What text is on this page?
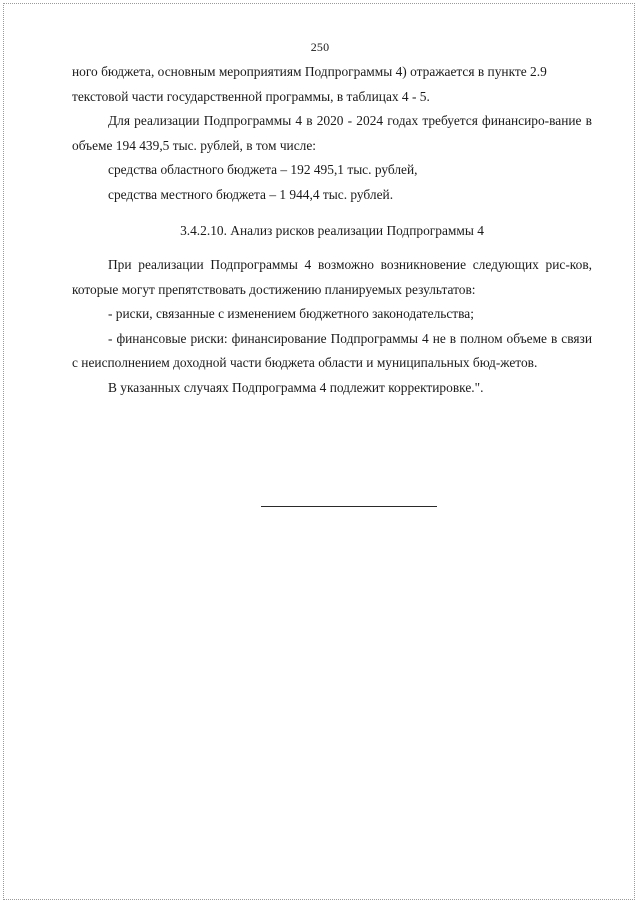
250

ного бюджета, основным мероприятиям Подпрограммы 4) отражается в пункте 2.9

текстовой части государственной программы, в таблицах 4 - 5.

Для реализации Подпрограммы 4 в 2020 - 2024 годах требуется финансиро-вание в объеме 194 439,5 тыс. рублей, в том числе:

средства областного бюджета – 192 495,1 тыс. рублей,

средства местного бюджета – 1 944,4 тыс. рублей.

3.4.2.10. Анализ рисков реализации Подпрограммы 4

При реализации Подпрограммы 4 возможно возникновение следующих рис-ков, которые могут препятствовать достижению планируемых результатов:

- риски, связанные с изменением бюджетного законодательства;

- финансовые риски: финансирование Подпрограммы 4 не в полном объеме в связи с неисполнением доходной части бюджета области и муниципальных бюд-жетов.

В указанных случаях Подпрограмма 4 подлежит корректировке.".
